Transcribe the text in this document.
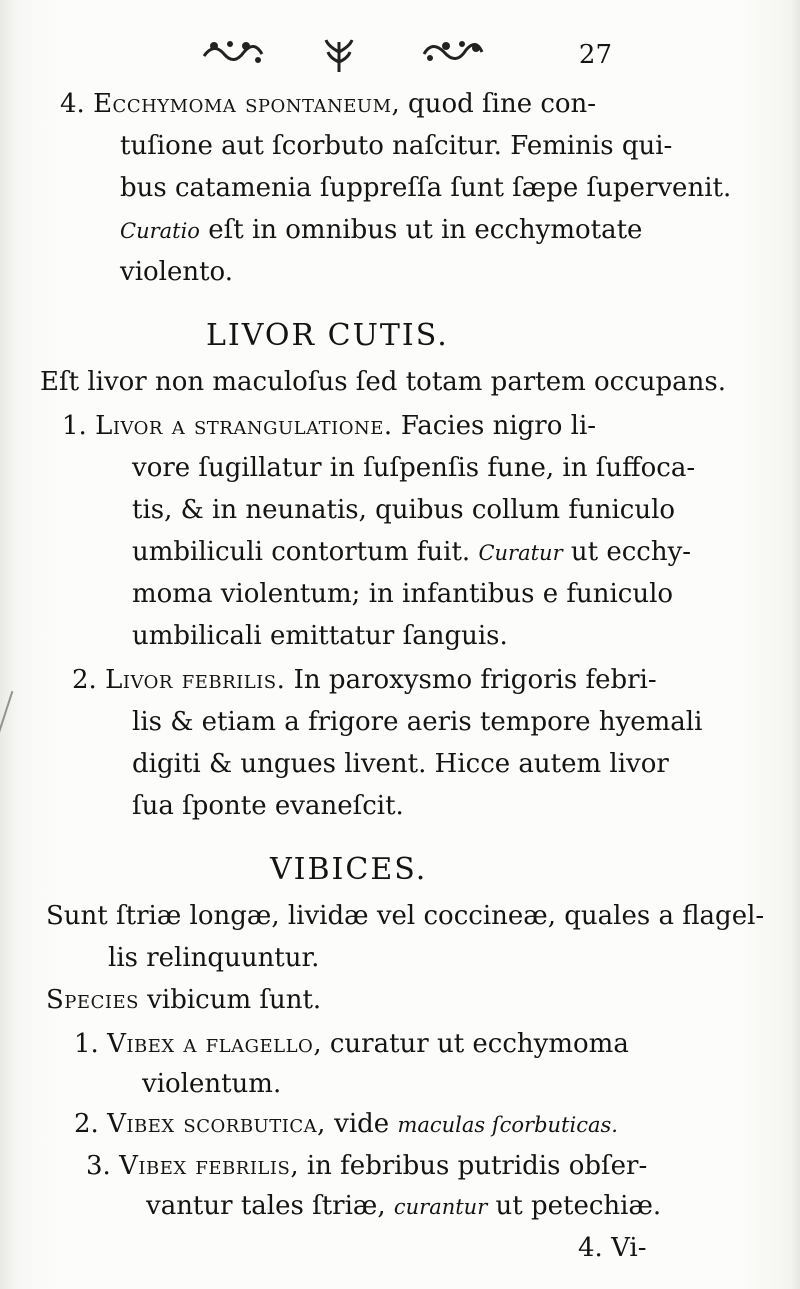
27
4. Ecchymoma spontaneum, quod ſine con-
tuſione aut ſcorbuto naſcitur. Feminis qui-
bus catamenia ſuppreſſa ſunt ſæpe ſupervenit.
Curatio eſt in omnibus ut in ecchymotate
violento.
LIVOR CUTIS.
Eſt livor non maculoſus ſed totam partem occupans.
1. Livor a strangulatione. Facies nigro li-
vore ſugillatur in ſuſpenſis fune, in ſuffoca-
tis, & in neunatis, quibus collum funiculo
umbiliculi contortum fuit. Curatur ut ecchy-
moma violentum; in infantibus e funiculo
umbilicali emittatur ſanguis.
2. Livor febrilis. In paroxysmo frigoris febri-
lis & etiam a frigore aeris tempore hyemali
digiti & ungues livent. Hicce autem livor
ſua ſponte evaneſcit.
VIBICES.
Sunt ſtriæ longæ, lividæ vel coccineæ, quales a flagel-
lis relinquuntur.
Species vibicum ſunt.
1. Vibex a flagello, curatur ut ecchymoma
violentum.
2. Vibex scorbutica, vide maculas ſcorbuticas.
3. Vibex febrilis, in febribus putridis obſer-
vantur tales ſtriæ, curantur ut petechiæ.
4. Vi-
